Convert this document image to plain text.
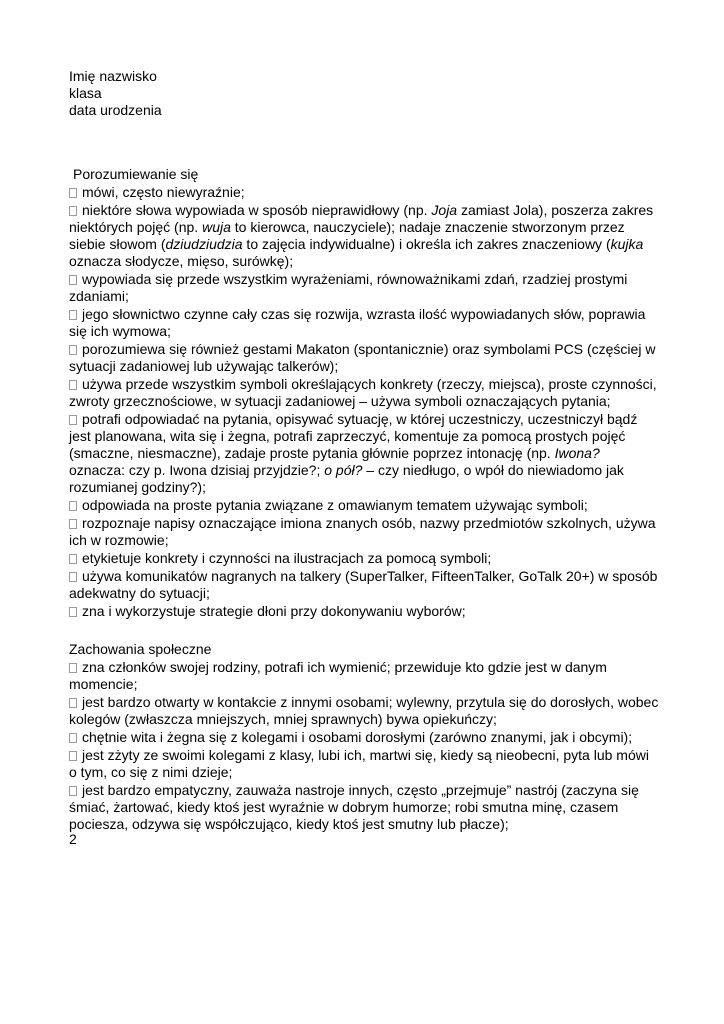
Imię nazwisko
klasa
data urodzenia
Porozumiewanie się
mówi, często niewyraźnie;
niektóre słowa wypowiada w sposób nieprawidłowy (np. Joja zamiast Jola), poszerza zakres niektórych pojęć (np. wuja to kierowca, nauczyciele); nadaje znaczenie stworzonym przez siebie słowom (dziudziudzia to zajęcia indywidualne) i określa ich zakres znaczeniowy (kujka oznacza słodycze, mięso, surówkę);
wypowiada się przede wszystkim wyrażeniami, równoważnikami zdań, rzadziej prostymi zdaniami;
jego słownictwo czynne cały czas się rozwija, wzrasta ilość wypowiadanych słów, poprawia się ich wymowa;
porozumiewa się również gestami Makaton (spontanicznie) oraz symbolami PCS (częściej w sytuacji zadaniowej lub używając talkerów);
używa przede wszystkim symboli określających konkrety (rzeczy, miejsca), proste czynności, zwroty grzecznościowe, w sytuacji zadaniowej – używa symboli oznaczających pytania;
potrafi odpowiadać na pytania, opisywać sytuację, w której uczestniczy, uczestniczył bądź jest planowana, wita się i żegna, potrafi zaprzeczyć, komentuje za pomocą prostych pojęć (smaczne, niesmaczne), zadaje proste pytania głównie poprzez intonację (np. Iwona? oznacza: czy p. Iwona dzisiaj przyjdzie?; o pół? – czy niedługo, o wpół do niewiadomo jak rozumianej godziny?);
odpowiada na proste pytania związane z omawianym tematem używając symboli;
rozpoznaje napisy oznaczające imiona znanych osób, nazwy przedmiotów szkolnych, używa ich w rozmowie;
etykietuje konkrety i czynności na ilustracjach za pomocą symboli;
używa komunikatów nagranych na talkery (SuperTalker, FifteenTalker, GoTalk 20+) w sposób adekwatny do sytuacji;
zna i wykorzystuje strategie dłoni przy dokonywaniu wyborów;
Zachowania społeczne
zna członków swojej rodziny, potrafi ich wymienić; przewiduje kto gdzie jest w danym momencie;
jest bardzo otwarty w kontakcie z innymi osobami; wylewny, przytula się do dorosłych, wobec kolegów (zwłaszcza mniejszych, mniej sprawnych) bywa opiekuńczy;
chętnie wita i żegna się z kolegami i osobami dorosłymi (zarówno znanymi, jak i obcymi);
jest zżyty ze swoimi kolegami z klasy, lubi ich, martwi się, kiedy są nieobecni, pyta lub mówi o tym, co się z nimi dzieje;
jest bardzo empatyczny, zauważa nastroje innych, często „przejmuje” nastrój (zaczyna się śmiać, żartować, kiedy ktoś jest wyraźnie w dobrym humorze; robi smutna minę, czasem pociesza, odzywa się współczująco, kiedy ktoś jest smutny lub płacze);
2
